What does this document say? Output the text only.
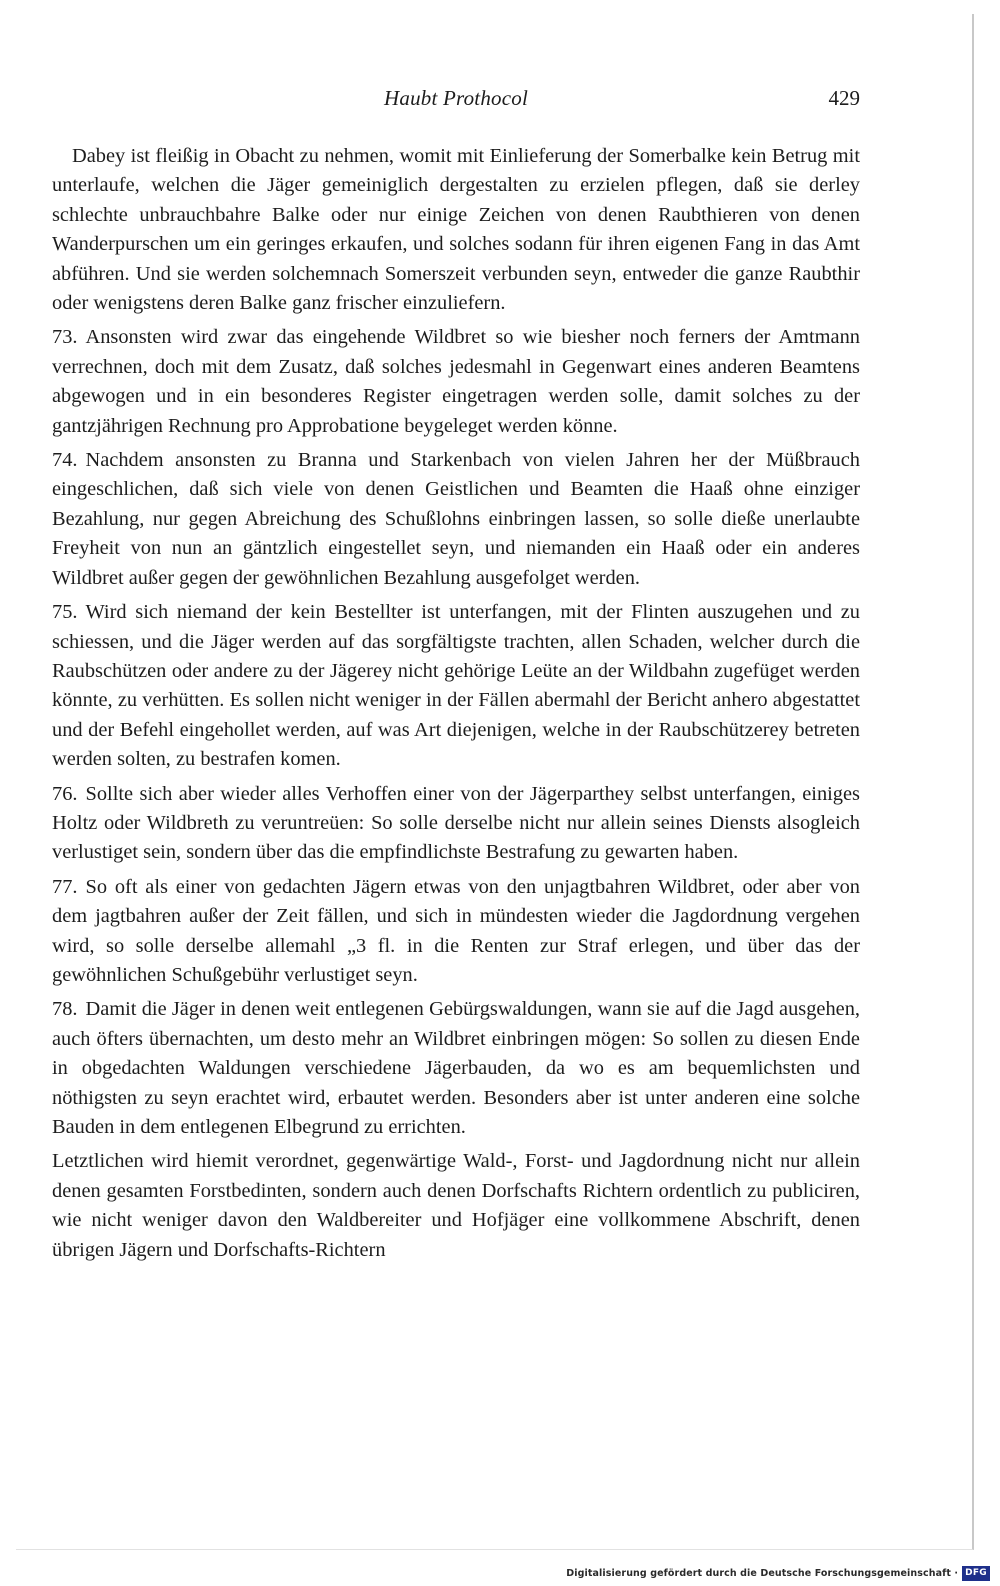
Haubt Prothocol	429

Dabey ist fleißig in Obacht zu nehmen, womit mit Einlieferung der Somerbalke kein Betrug mit unterlaufe, welchen die Jäger gemeiniglich dergestalten zu erzielen pflegen, daß sie derley schlechte unbrauchbahre Balke oder nur einige Zeichen von denen Raubthieren von denen Wanderpurschen um ein geringes erkaufen, und solches sodann für ihren eigenen Fang in das Amt abführen. Und sie werden solchemnach Somerszeit verbunden seyn, entweder die ganze Raubthir oder wenigstens deren Balke ganz frischer einzuliefern.

73. Ansonsten wird zwar das eingehende Wildbret so wie biesher noch ferners der Amtmann verrechnen, doch mit dem Zusatz, daß solches jedesmahl in Gegenwart eines anderen Beamtens abgewogen und in ein besonderes Register eingetragen werden solle, damit solches zu der gantzjährigen Rechnung pro Approbatione beygeleget werden könne.

74. Nachdem ansonsten zu Branna und Starkenbach von vielen Jahren her der Müßbrauch eingeschlichen, daß sich viele von denen Geistlichen und Beamten die Haaß ohne einziger Bezahlung, nur gegen Abreichung des Schußlohns einbringen lassen, so solle dieße unerlaubte Freyheit von nun an gäntzlich eingestellet seyn, und niemanden ein Haaß oder ein anderes Wildbret außer gegen der gewöhnlichen Bezahlung ausgefolget werden.

75. Wird sich niemand der kein Bestellter ist unterfangen, mit der Flinten auszugehen und zu schiessen, und die Jäger werden auf das sorgfältigste trachten, allen Schaden, welcher durch die Raubschützen oder andere zu der Jägerey nicht gehörige Leüte an der Wildbahn zugefüget werden könnte, zu verhütten. Es sollen nicht weniger in der Fällen abermahl der Bericht anhero abgestattet und der Befehl eingehollet werden, auf was Art diejenigen, welche in der Raubschützerey betreten werden solten, zu bestrafen komen.

76. Sollte sich aber wieder alles Verhoffen einer von der Jägerparthey selbst unterfangen, einiges Holtz oder Wildbreth zu veruntreüen: So solle derselbe nicht nur allein seines Diensts alsogleich verlustiget sein, sondern über das die empfindlichste Bestrafung zu gewarten haben.

77. So oft als einer von gedachten Jägern etwas von den unjagtbahren Wildbret, oder aber von dem jagtbahren außer der Zeit fällen, und sich in mündesten wieder die Jagdordnung vergehen wird, so solle derselbe allemahl „3 fl. in die Renten zur Straf erlegen, und über das der gewöhnlichen Schußgebühr verlustiget seyn.

78. Damit die Jäger in denen weit entlegenen Gebürgswaldungen, wann sie auf die Jagd ausgehen, auch öfters übernachten, um desto mehr an Wildbret einbringen mögen: So sollen zu diesen Ende in obgedachten Waldungen verschiedene Jägerbauden, da wo es am bequemlichsten und nöthigsten zu seyn erachtet wird, erbautet werden. Besonders aber ist unter anderen eine solche Bauden in dem entlegenen Elbegrund zu errichten.

Letztlichen wird hiemit verordnet, gegenwärtige Wald-, Forst- und Jagdordnung nicht nur allein denen gesamten Forstbedinten, sondern auch denen Dorfschafts Richtern ordentlich zu publiciren, wie nicht weniger davon den Waldbereiter und Hofjäger eine vollkommene Abschrift, denen übrigen Jägern und Dorfschafts-Richtern

Digitalisierung gefördert durch die Deutsche Forschungsgemeinschaft · DFG
